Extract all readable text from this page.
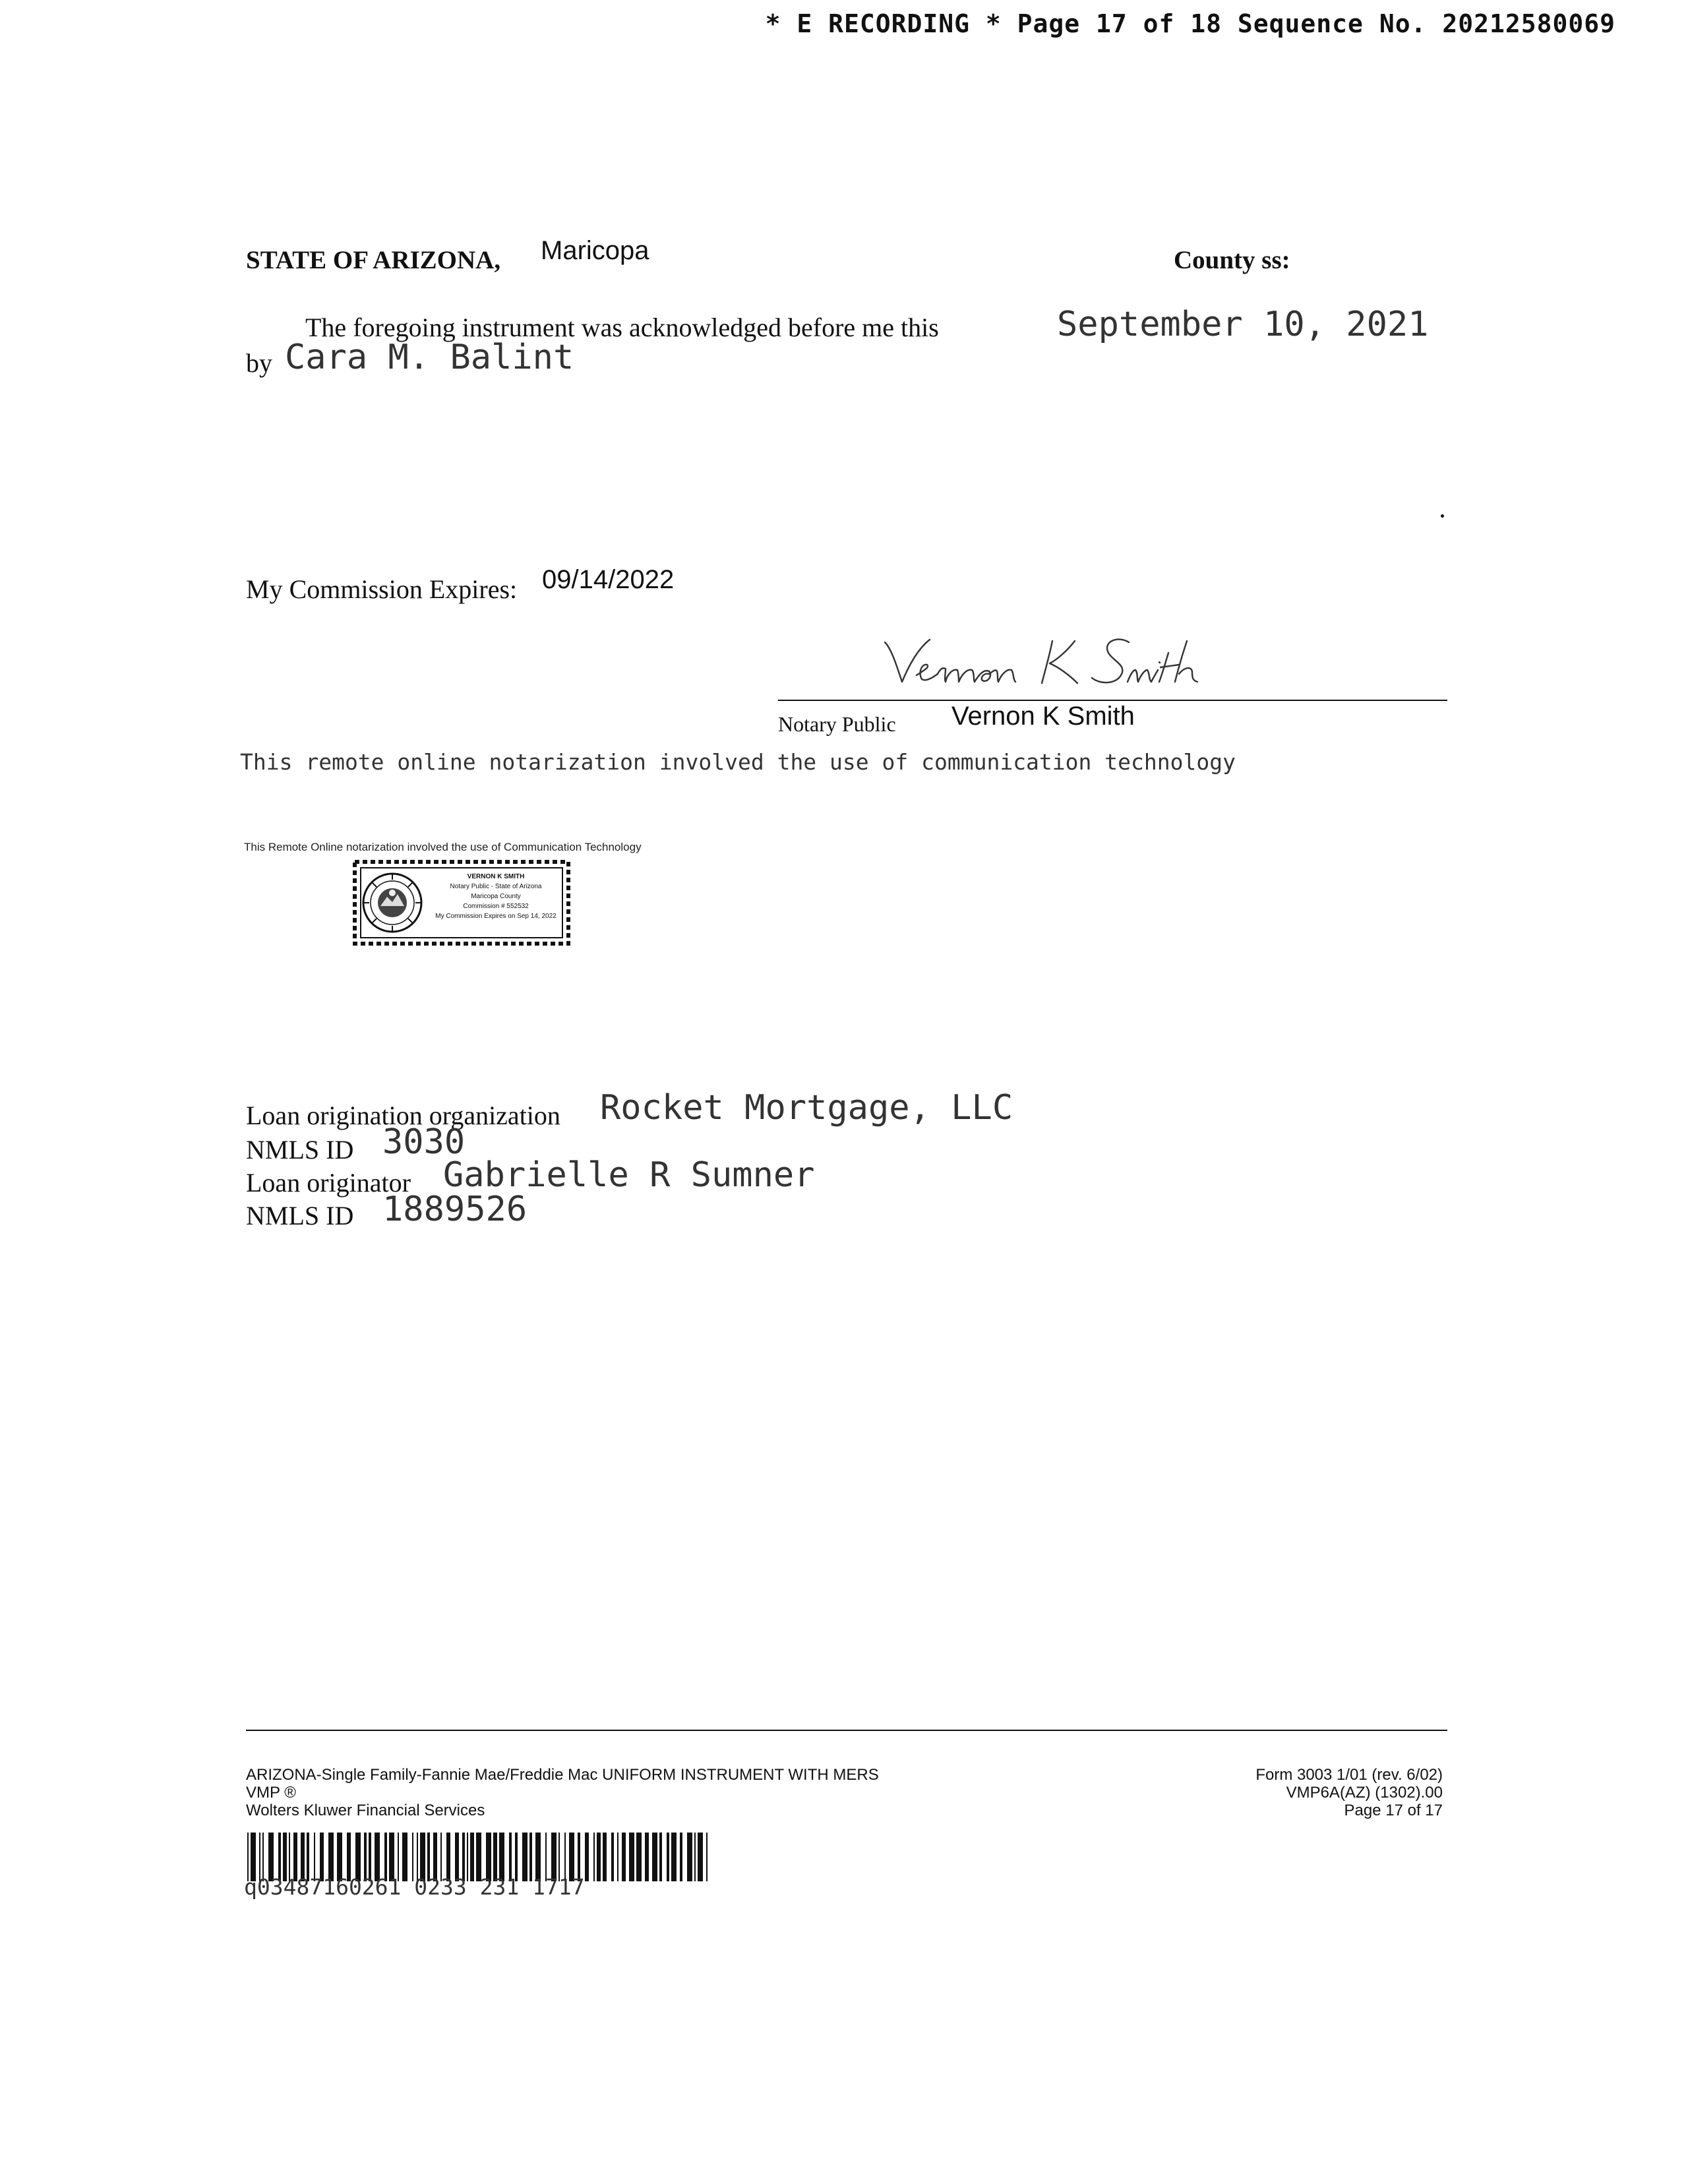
* E RECORDING * Page 17 of 18 Sequence No. 20212580069
STATE OF ARIZONA, Maricopa	County ss:
The foregoing instrument was acknowledged before me this	September 10, 2021
by Cara M. Balint
My Commission Expires: 09/14/2022
Notary Public Vernon K Smith
This remote online notarization involved the use of communication technology
This Remote Online notarization involved the use of Communication Technology
VERNON K SMITH
Notary Public - State of Arizona
Maricopa County
Commission # 552532
My Commission Expires on Sep 14, 2022
Loan origination organization Rocket Mortgage, LLC
NMLS ID 3030
Loan originator Gabrielle R Sumner
NMLS ID 1889526
ARIZONA-Single Family-Fannie Mae/Freddie Mac UNIFORM INSTRUMENT WITH MERS
VMP ®
Wolters Kluwer Financial Services
Form 3003 1/01 (rev. 6/02)
VMP6A(AZ) (1302).00
Page 17 of 17
q03487160261 0233 231 1717
